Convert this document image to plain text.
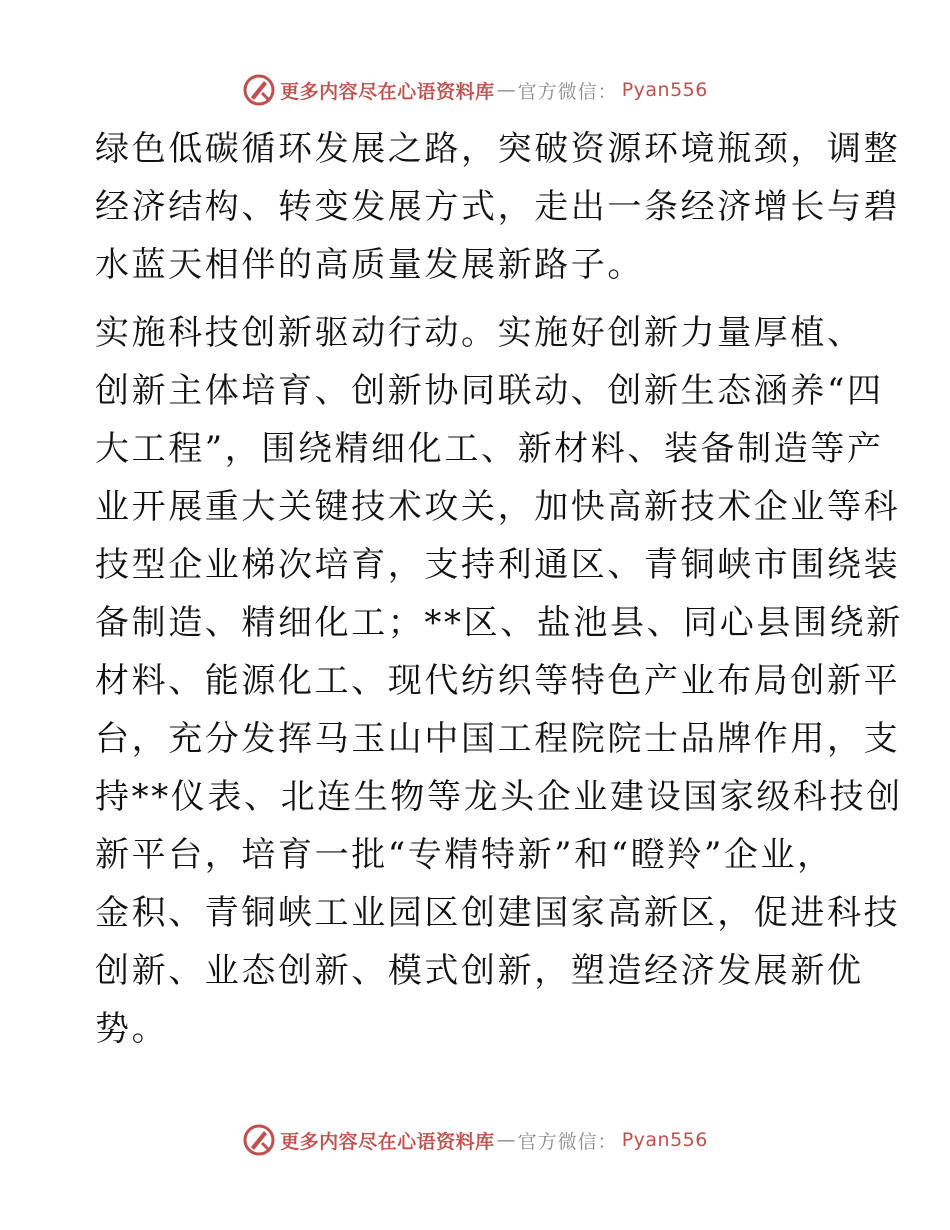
更多内容尽在心语资料库 — 官方微信： Pyan556
绿色低碳循环发展之路，突破资源环境瓶颈，调整
经济结构、转变发展方式，走出一条经济增长与碧
水蓝天相伴的高质量发展新路子。
实施科技创新驱动行动。实施好创新力量厚植、
创新主体培育、创新协同联动、创新生态涵养“四
大工程”，围绕精细化工、新材料、装备制造等产
业开展重大关键技术攻关，加快高新技术企业等科
技型企业梯次培育，支持利通区、青铜峡市围绕装
备制造、精细化工；**区、盐池县、同心县围绕新
材料、能源化工、现代纺织等特色产业布局创新平
台，充分发挥马玉山中国工程院院士品牌作用，支
持**仪表、北连生物等龙头企业建设国家级科技创
新平台，培育一批“专精特新”和“瞪羚”企业，
金积、青铜峡工业园区创建国家高新区，促进科技
创新、业态创新、模式创新，塑造经济发展新优
势。
更多内容尽在心语资料库 — 官方微信： Pyan556
